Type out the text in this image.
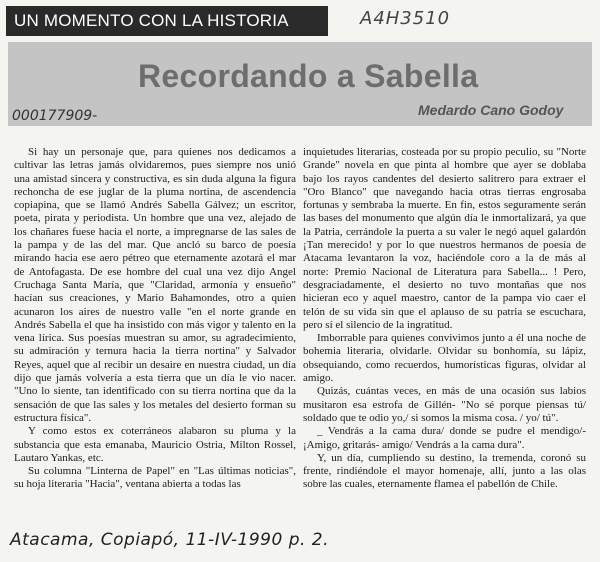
UN MOMENTO CON LA HISTORIA	A4H3510
Recordando a Sabella
Medardo Cano Godoy
000177909-

Si hay un personaje que, para quienes nos dedicamos a cultivar las letras jamás olvidaremos, pues siempre nos unió una amistad sincera y constructiva, es sin duda alguna la figura rechoncha de ese juglar de la pluma nortina, de ascendencia copiapina, que se llamó Andrés Sabella Gálvez; un escritor, poeta, pirata y periodista. Un hombre que una vez, alejado de los chañares fuese hacia el norte, a impregnarse de las sales de la pampa y de las del mar. Que ancló su barco de poesía mirando hacia ese aero pétreo que eternamente azotará el mar de Antofagasta. De ese hombre del cual una vez dijo Angel Cruchaga Santa María, que "Claridad, armonía y ensueño" hacían sus creaciones, y Mario Bahamondes, otro a quien acunaron los aires de nuestro valle "en el norte grande en Andrés Sabella el que ha insistido con más vigor y talento en la vena lírica. Sus poesías muestran su amor, su agradecimiento, su admiración y ternura hacia la tierra nortina" y Salvador Reyes, aquel que al recibir un desaire en nuestra ciudad, un día dijo que jamás volvería a esta tierra que un día le vio nacer. "Uno lo siente, tan identificado con su tierra nortina que da la sensación de que las sales y los metales del desierto forman su estructura física".

Y como estos ex coterráneos alabaron su pluma y la substancia que esta emanaba, Mauricio Ostria, Milton Rossel, Lautaro Yankas, etc.

Su columna "Linterna de Papel" en "Las últimas noticias", su hoja literaria "Hacia", ventana abierta a todas las

inquietudes literarias, costeada por su propio peculio, su "Norte Grande" novela en que pinta al hombre que ayer se doblaba bajo los rayos candentes del desierto salitrero para extraer el "Oro Blanco" que navegando hacia otras tierras engrosaba fortunas y sembraba la muerte. En fin, estos seguramente serán las bases del monumento que algún día le inmortalizará, ya que la Patria, cerrándole la puerta a su valer le negó aquel galardón ¡Tan merecido! y por lo que nuestros hermanos de poesía de Atacama levantaron la voz, haciéndole coro a la de más al norte: Premio Nacional de Literatura para Sabella... ! Pero, desgraciadamente, el desierto no tuvo montañas que nos hicieran eco y aquel maestro, cantor de la pampa vio caer el telón de su vida sin que el aplauso de su patria se escuchara, pero sí el silencio de la ingratitud.

Imborrable para quienes convivimos junto a él una noche de bohemia literaria, olvidarle. Olvidar su bonhomía, su lápiz, obsequiando, como recuerdos, humorísticas figuras, olvidar al amigo.

Quizás, cuántas veces, en más de una ocasión sus labios musitaron esa estrofa de Gillén- "No sé porque piensas tú/ soldado que te odio yo,/ si somos la misma cosa. / yo/ tú".

_ Vendrás a la cama dura/ donde se pudre el mendigo/- ¡Amigo, gritarás- amigo/ Vendrás a la cama dura".

Y, un día, cumpliendo su destino, la tremenda, coronó su frente, rindiéndole el mayor homenaje, allí, junto a las olas sobre las cuales, eternamente flamea el pabellón de Chile.

Atacama, Copiapó, 11-IV-1990 p. 2.
